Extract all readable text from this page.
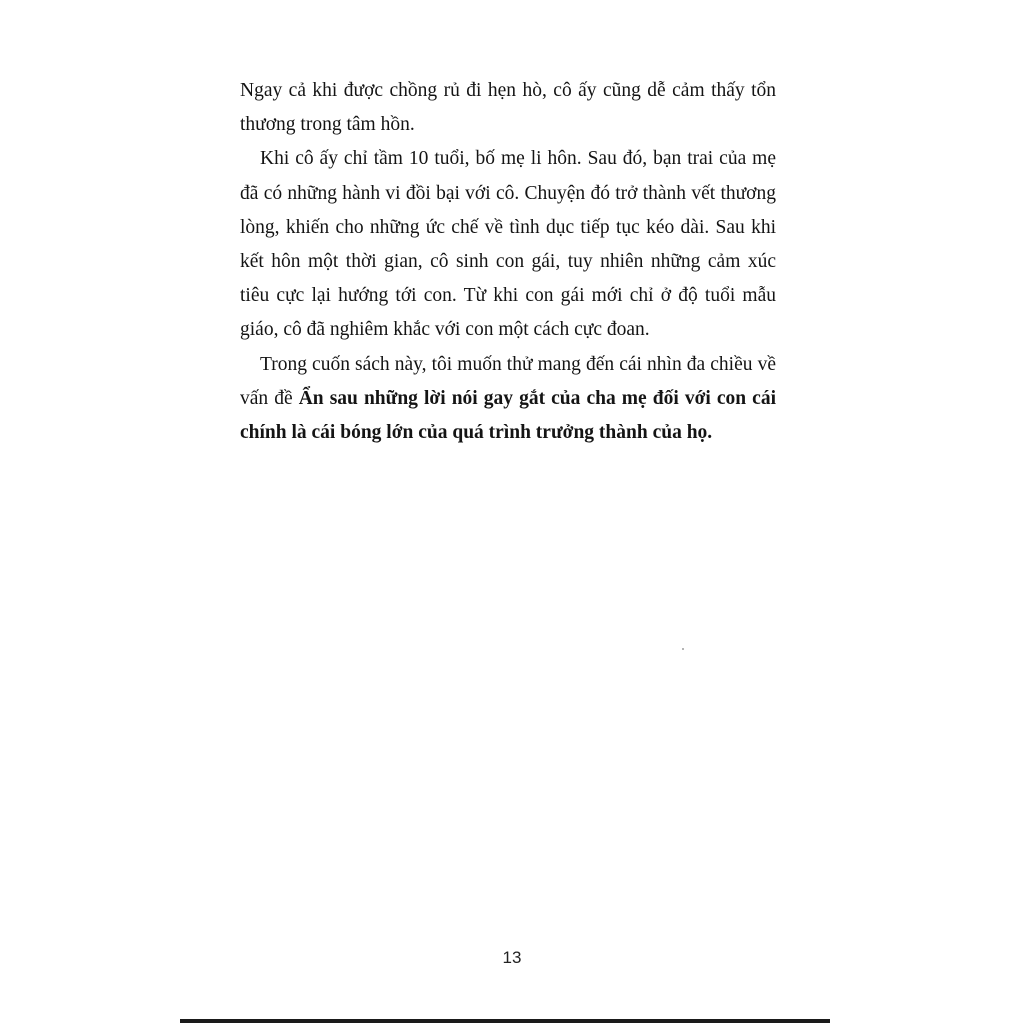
Ngay cả khi được chồng rủ đi hẹn hò, cô ấy cũng dễ cảm thấy tổn thương trong tâm hồn.

Khi cô ấy chỉ tầm 10 tuổi, bố mẹ li hôn. Sau đó, bạn trai của mẹ đã có những hành vi đồi bại với cô. Chuyện đó trở thành vết thương lòng, khiến cho những ức chế về tình dục tiếp tục kéo dài. Sau khi kết hôn một thời gian, cô sinh con gái, tuy nhiên những cảm xúc tiêu cực lại hướng tới con. Từ khi con gái mới chỉ ở độ tuổi mẫu giáo, cô đã nghiêm khắc với con một cách cực đoan.

Trong cuốn sách này, tôi muốn thử mang đến cái nhìn đa chiều về vấn đề Ẩn sau những lời nói gay gắt của cha mẹ đối với con cái chính là cái bóng lớn của quá trình trưởng thành của họ.

13
